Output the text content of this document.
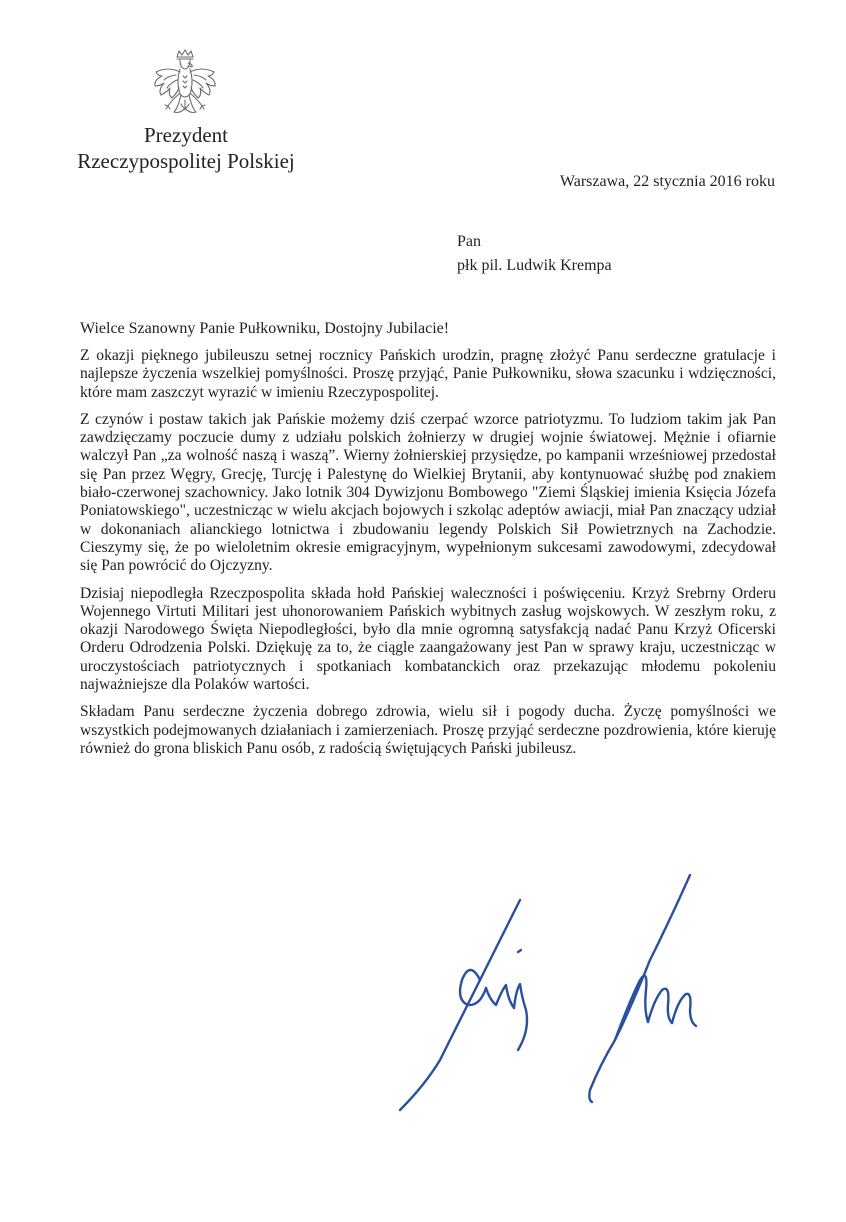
Prezydent
Rzeczypospolitej Polskiej
Warszawa, 22 stycznia 2016 roku
Pan
płk pil. Ludwik Krempa
Wielce Szanowny Panie Pułkowniku, Dostojny Jubilacie!

Z okazji pięknego jubileuszu setnej rocznicy Pańskich urodzin, pragnę złożyć Panu serdeczne gratulacje i najlepsze życzenia wszelkiej pomyślności. Proszę przyjąć, Panie Pułkowniku, słowa szacunku i wdzięczności, które mam zaszczyt wyrazić w imieniu Rzeczypospolitej.

Z czynów i postaw takich jak Pańskie możemy dziś czerpać wzorce patriotyzmu. To ludziom takim jak Pan zawdzięczamy poczucie dumy z udziału polskich żołnierzy w drugiej wojnie światowej. Mężnie i ofiarnie walczył Pan „za wolność naszą i waszą”. Wierny żołnierskiej przysiędze, po kampanii wrześniowej przedostał się Pan przez Węgry, Grecję, Turcję i Palestynę do Wielkiej Brytanii, aby kontynuować służbę pod znakiem biało-czerwonej szachownicy. Jako lotnik 304 Dywizjonu Bombowego "Ziemi Śląskiej imienia Księcia Józefa Poniatowskiego", uczestnicząc w wielu akcjach bojowych i szkoląc adeptów awiacji, miał Pan znaczący udział w dokonaniach alianckiego lotnictwa i zbudowaniu legendy Polskich Sił Powietrznych na Zachodzie. Cieszymy się, że po wieloletnim okresie emigracyjnym, wypełnionym sukcesami zawodowymi, zdecydował się Pan powrócić do Ojczyzny.

Dzisiaj niepodległa Rzeczpospolita składa hołd Pańskiej waleczności i poświęceniu. Krzyż Srebrny Orderu Wojennego Virtuti Militari jest uhonorowaniem Pańskich wybitnych zasług wojskowych. W zeszłym roku, z okazji Narodowego Święta Niepodległości, było dla mnie ogromną satysfakcją nadać Panu Krzyż Oficerski Orderu Odrodzenia Polski. Dziękuję za to, że ciągle zaangażowany jest Pan w sprawy kraju, uczestnicząc w uroczystościach patriotycznych i spotkaniach kombatanckich oraz przekazując młodemu pokoleniu najważniejsze dla Polaków wartości.

Składam Panu serdeczne życzenia dobrego zdrowia, wielu sił i pogody ducha. Życzę pomyślności we wszystkich podejmowanych działaniach i zamierzeniach. Proszę przyjąć serdeczne pozdrowienia, które kieruję również do grona bliskich Panu osób, z radością świętujących Pański jubileusz.
